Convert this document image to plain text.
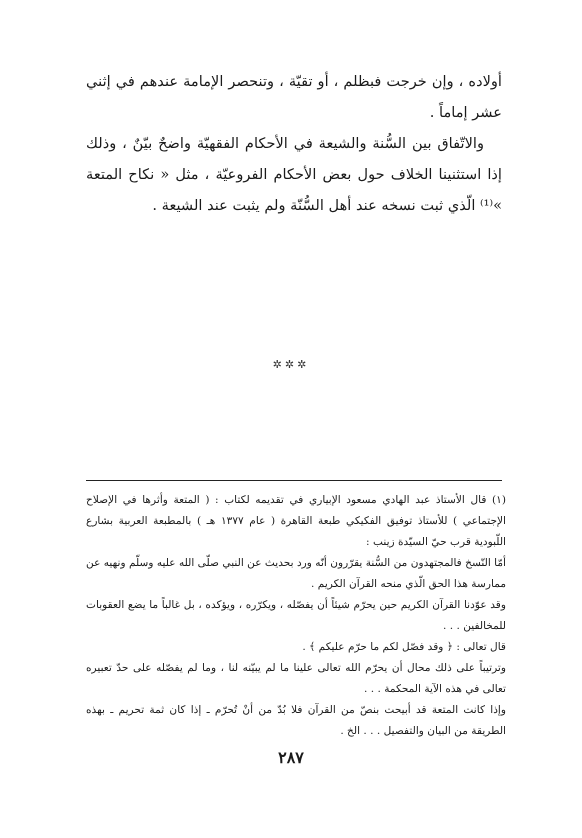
أولاده ، وإن خرجت فبظلم ، أو تقيّة ، وتنحصر الإمامة عندهم في إثني عشر إماماً .

والاتّفاق بين السُّنة والشيعة في الأحكام الفقهيّة واضحٌ بيّنٌ ، وذلك إذا استثنينا الخلاف حول بعض الأحكام الفروعيّة ، مثل « نكاح المتعة »⁽¹⁾ الّذي ثبت نسخه عند أهل السُّنّة ولم يثبت عند الشيعة .

✲✲✲

(١) قال الأستاذ عبد الهادي مسعود الإبياري في تقديمه لكتاب : ( المتعة وأثرها في الإصلاح الإجتماعي ) للأستاذ توفيق الفكيكي طبعة القاهرة ( عام ١٣٧٧ هـ ) بالمطبعة العربية بشارع اللّبودية قرب حيّ السيّدة زينب :

أمّا النّسخ فالمجتهدون من السُّنة يقرّرون أنّه ورد بحديث عن النبي صلّى الله عليه وسلّم ونهيه عن ممارسة هذا الحق الّذي منحه القرآن الكريم .

وقد عوّدنا القرآن الكريم حين يحرّم شيئاً أن يفصّله ، ويكرّره ، ويؤكده ، بل غالباً ما يضع العقوبات للمخالفين . . .

قال تعالى : ﴿ وقد فصّل لكم ما حرّم عليكم ﴾ .

وترتيباً على ذلك محال أن يحرّم الله تعالى علينا ما لم يبيّنه لنا ، وما لم يفصّله على حدّ تعبيره تعالى في هذه الآية المحكمة . . .

وإذا كانت المتعة قد أبيحت بنصّ من القرآن فلا بُدّ من أنْ تُحرّم ـ إذا كان ثمة تحريم ـ بهذه الطريقة من البيان والتفصيل . . . الخ .

٢٨٧
